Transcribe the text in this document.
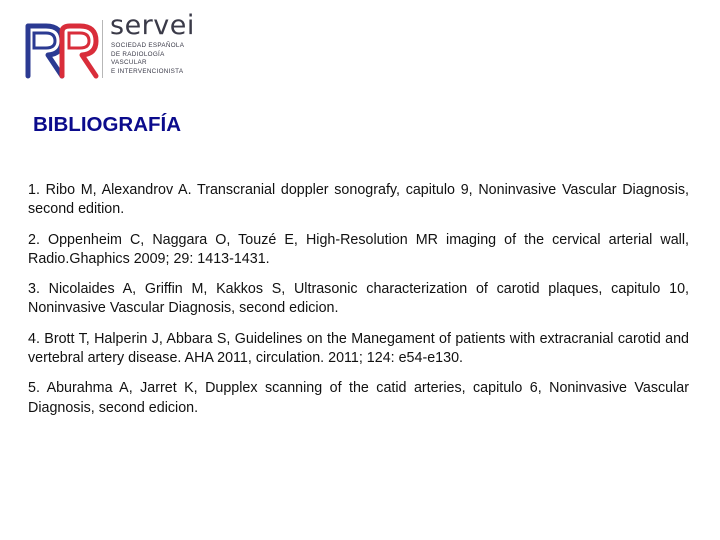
servei
SOCIEDAD ESPAÑOLA
DE RADIOLOGÍA
VASCULAR
E INTERVENCIONISTA
BIBLIOGRAFÍA
1. Ribo M, Alexandrov A. Transcranial doppler sonografy, capitulo 9, Noninvasive Vascular Diagnosis, second edition.
2. Oppenheim C, Naggara O, Touzé E, High-Resolution MR imaging of the cervical arterial wall, Radio.Ghaphics 2009; 29: 1413-1431.
3. Nicolaides A, Griffin M, Kakkos S, Ultrasonic characterization of carotid plaques, capitulo 10, Noninvasive Vascular Diagnosis, second edicion.
4. Brott T, Halperin J, Abbara S, Guidelines on the Manegament of patients with extracranial carotid and vertebral artery disease. AHA 2011, circulation. 2011; 124: e54-e130.
5. Aburahma A, Jarret K, Dupplex scanning of the catid arteries, capitulo 6, Noninvasive Vascular Diagnosis, second edicion.
